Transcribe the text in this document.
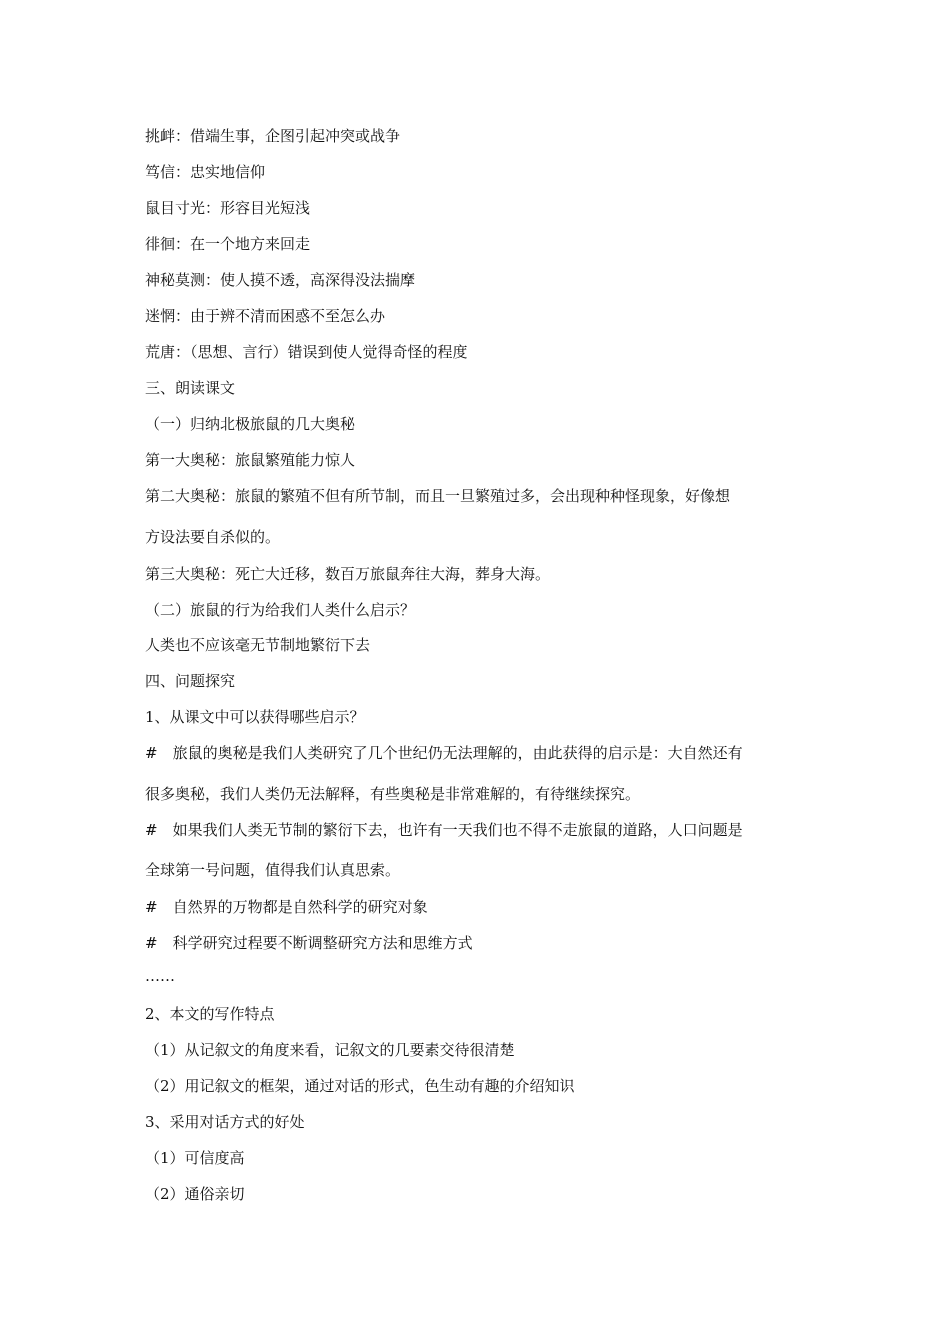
挑衅：借端生事，企图引起冲突或战争
笃信：忠实地信仰
鼠目寸光：形容目光短浅
徘徊：在一个地方来回走
神秘莫测：使人摸不透，高深得没法揣摩
迷惘：由于辨不清而困惑不至怎么办
荒唐：（思想、言行）错误到使人觉得奇怪的程度
三、朗读课文
（一）归纳北极旅鼠的几大奥秘
第一大奥秘：旅鼠繁殖能力惊人
第二大奥秘：旅鼠的繁殖不但有所节制，而且一旦繁殖过多，会出现种种怪现象，好像想
方设法要自杀似的。
第三大奥秘：死亡大迁移，数百万旅鼠奔往大海，葬身大海。
（二）旅鼠的行为给我们人类什么启示？
人类也不应该毫无节制地繁衍下去
四、问题探究
1、从课文中可以获得哪些启示？
#　旅鼠的奥秘是我们人类研究了几个世纪仍无法理解的，由此获得的启示是：大自然还有
很多奥秘，我们人类仍无法解释，有些奥秘是非常难解的，有待继续探究。
#　如果我们人类无节制的繁衍下去，也许有一天我们也不得不走旅鼠的道路，人口问题是
全球第一号问题，值得我们认真思索。
#　自然界的万物都是自然科学的研究对象
#　科学研究过程要不断调整研究方法和思维方式
……
2、本文的写作特点
（1）从记叙文的角度来看，记叙文的几要素交待很清楚
（2）用记叙文的框架，通过对话的形式，色生动有趣的介绍知识
3、采用对话方式的好处
（1）可信度高
（2）通俗亲切
